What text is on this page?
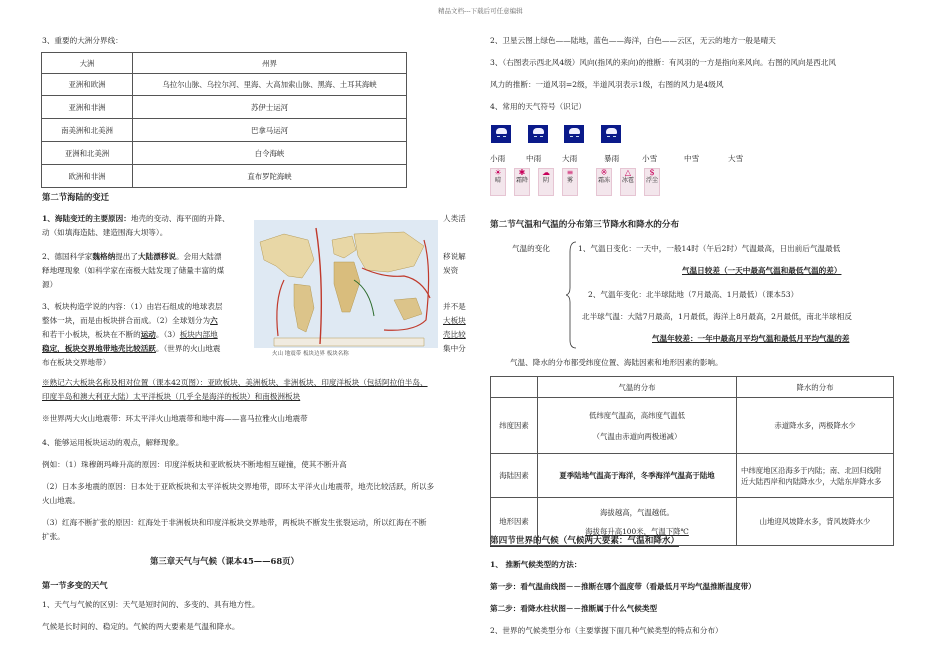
精品文档---下载后可任意编辑
3、重要的大洲分界线：
大洲	州界
亚洲和欧洲	乌拉尔山脉、乌拉尔河、里海、大高加索山脉、黑海、土耳其海峡
亚洲和非洲	苏伊士运河
南美洲和北美洲	巴拿马运河
亚洲和北美洲	白令海峡
欧洲和非洲	直布罗陀海峡
第二节海陆的变迁
1、海陆变迁的主要原因：地壳的变动、海平面的升降、	人类活
动（如填海造陆、建造围海大坝等）。
2、德国科学家魏格纳提出了大陆漂移说。会用大陆漂	移说解
释地理现象（如科学家在南极大陆发现了储量丰富的煤	炭资
源）
3、板块构造学说的内容：（1）由岩石组成的地球表层	并不是
整体一块，而是由板块拼合而成。（2）全球划分为六	大板块
和若干小板块，板块在不断的运动。（3）板块内部地	壳比较
稳定，板块交界地带地壳比较活跃。（世界的火山地震	集中分
布在板块交界地带）
火山 地震带 板块边界 板块名称
※熟记六大板块名称及相对位置（课本42页图）：亚欧板块、美洲板块、非洲板块、印度洋板块（包括阿拉伯半岛、
印度半岛和澳大利亚大陆）太平洋板块（几乎全是海洋的板块）和南极洲板块
※世界两大火山地震带：环太平洋火山地震带和地中海——喜马拉雅火山地震带
4、能够运用板块运动的观点，解释现象。
例如：（1）珠穆朗玛峰升高的原因：印度洋板块和亚欧板块不断地相互碰撞，使其不断升高
（2）日本多地震的原因：日本处于亚欧板块和太平洋板块交界地带，即环太平洋火山地震带，地壳比较活跃，所以多
火山地震。
（3）红海不断扩张的原因：红海处于非洲板块和印度洋板块交界地带，两板块不断发生张裂运动，所以红海在不断
扩张。
第三章天气与气候（课本45——68页）
第一节多变的天气
1、天气与气候的区别：天气是短时间的、多变的、具有地方性。
气候是长时间的、稳定的。气候的两大要素是气温和降水。
2、卫星云图上绿色——陆地，蓝色——海洋，白色——云区，无云的地方一般是晴天
3、（右图表示西北风4级）风向(指风的来向)的推断：有风羽的一方是指向来风向。右图的风向是西北风
风力的推断：一道风羽=2级，半道风羽表示1级，右图的风力是4级风
4、常用的天气符号（识记）
小雨	中雨	大雨	暴雨	小雪	中雪	大雪
☀
晴
✱
霜降
☁
阴
≡
雾
※
霜冻
△
冰雹
$
浮尘
第二节气温和气温的分布第三节降水和降水的分布
气温的变化	1、气温日变化：一天中，一般14时（午后2时）气温最高，日出前后气温最低
气温日较差（一天中最高气温和最低气温的差）
2、气温年变化：北半球陆地（7月最高、1月最低）（课本53）
北半球气温：大陆7月最高，1月最低，海洋上8月最高，2月最低，南北半球相反
气温年较差：一年中最高月平均气温和最低月平均气温的差
气温、降水的分布都受纬度位置、海陆因素和地形因素的影响。
	气温的分布	降水的分布
纬度因素	低纬度气温高，高纬度气温低
（气温由赤道向两极递减）	赤道降水多，两极降水少

海陆因素	夏季陆地气温高于海洋，冬季海洋气温高于陆地	中纬度地区沿海多于内陆；南、北回归线附
近大陆西岸和内陆降水少，大陆东岸降水多

地形因素	海拔越高，气温越低。
海拔每升高100米，气温下降℃	山地迎风坡降水多，背风坡降水少
第四节世界的气候（气候两大要素：气温和降水）
1、 推断气候类型的方法：
第一步：看气温曲线图－－推断在哪个温度带（看最低月平均气温推断温度带）
第二步：看降水柱状图－－推断属于什么气候类型
2、世界的气候类型分布（主要掌握下面几种气候类型的特点和分布）
